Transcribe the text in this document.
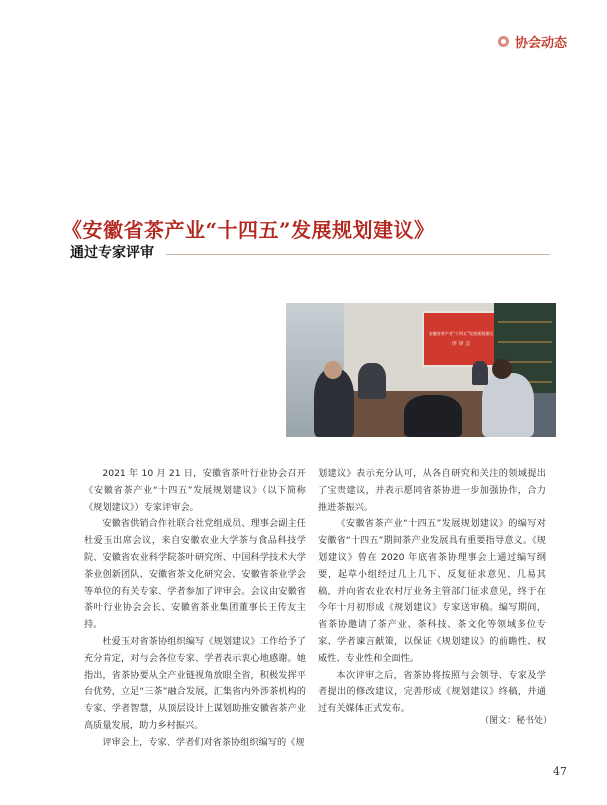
协会动态
《安徽省茶产业“十四五”发展规划建议》
通过专家评审
安徽省茶产业“十四五”发展规划建议
评 审 会

2021 年 10 月 21 日，安徽省茶叶行业协会召开《安徽省茶产业“十四五”发展规划建议》（以下简称《规划建议》）专家评审会。

安徽省供销合作社联合社党组成员、理事会副主任杜爱玉出席会议，来自安徽农业大学茶与食品科技学院、安徽省农业科学院茶叶研究所、中国科学技术大学茶业创新团队、安徽省茶文化研究会、安徽省茶业学会等单位的有关专家、学者参加了评审会。会议由安徽省茶叶行业协会会长、安徽省茶业集团董事长王传友主持。

杜爱玉对省茶协组织编写《规划建议》工作给予了充分肯定，对与会各位专家、学者表示衷心地感谢。她指出，省茶协要从全产业链视角放眼全省，积极发挥平台优势，立足“三茶”融合发展，汇集省内外涉茶机构的专家、学者智慧，从顶层设计上谋划助推安徽省茶产业高质量发展，助力乡村振兴。

评审会上，专家、学者们对省茶协组织编写的《规

划建议》表示充分认可，从各自研究和关注的领域提出了宝贵建议，并表示愿同省茶协进一步加强协作，合力推进茶振兴。

《安徽省茶产业“十四五”发展规划建议》的编写对安徽省“十四五”期间茶产业发展具有重要指导意义。《规划建议》曾在 2020 年底省茶协理事会上通过编写纲要，起草小组经过几上几下、反复征求意见、几易其稿，并向省农业农村厅业务主管部门征求意见，终于在今年十月初形成《规划建议》专家送审稿。编写期间，省茶协邀请了茶产业、茶科技、茶文化等领域多位专家、学者谏言献策，以保证《规划建议》的前瞻性、权威性、专业性和全面性。

本次评审之后，省茶协将按照与会领导、专家及学者提出的修改建议，完善形成《规划建议》终稿，并通过有关媒体正式发布。

（图文：秘书处）
47
